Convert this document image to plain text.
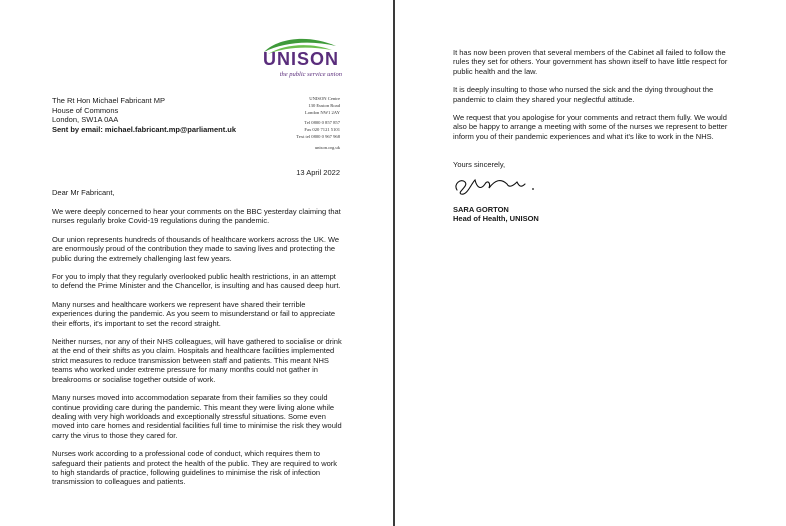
UNISON
the public service union
The Rt Hon Michael Fabricant MP
House of Commons
London, SW1A 0AA
Sent by email: michael.fabricant.mp@parliament.uk
UNISON Centre
130 Euston Road
London NW1 2AY
Tel 0800 0 857 857
Fax 020 7121 5101
Text tel 0800 0 967 968
unison.org.uk
13 April 2022
Dear Mr Fabricant,

We were deeply concerned to hear your comments on the BBC yesterday claiming that nurses regularly broke Covid-19 regulations during the pandemic.

Our union represents hundreds of thousands of healthcare workers across the UK. We are enormously proud of the contribution they made to saving lives and protecting the public during the extremely challenging last few years.

For you to imply that they regularly overlooked public health restrictions, in an attempt to defend the Prime Minister and the Chancellor, is insulting and has caused deep hurt.

Many nurses and healthcare workers we represent have shared their terrible experiences during the pandemic. As you seem to misunderstand or fail to appreciate their efforts, it's important to set the record straight.

Neither nurses, nor any of their NHS colleagues, will have gathered to socialise or drink at the end of their shifts as you claim. Hospitals and healthcare facilities implemented strict measures to reduce transmission between staff and patients. This meant NHS teams who worked under extreme pressure for many months could not gather in breakrooms or socialise together outside of work.

Many nurses moved into accommodation separate from their families so they could continue providing care during the pandemic. This meant they were living alone while dealing with very high workloads and exceptionally stressful situations. Some even moved into care homes and residential facilities full time to minimise the risk they would carry the virus to those they cared for.

Nurses work according to a professional code of conduct, which requires them to safeguard their patients and protect the health of the public. They are required to work to high standards of practice, following guidelines to minimise the risk of infection transmission to colleagues and patients.

It has now been proven that several members of the Cabinet all failed to follow the rules they set for others. Your government has shown itself to have little respect for public health and the law.

It is deeply insulting to those who nursed the sick and the dying throughout the pandemic to claim they shared your neglectful attitude.

We request that you apologise for your comments and retract them fully. We would also be happy to arrange a meeting with some of the nurses we represent to better inform you of their pandemic experiences and what it's like to work in the NHS.

Yours sincerely,
SARA GORTON
Head of Health, UNISON
